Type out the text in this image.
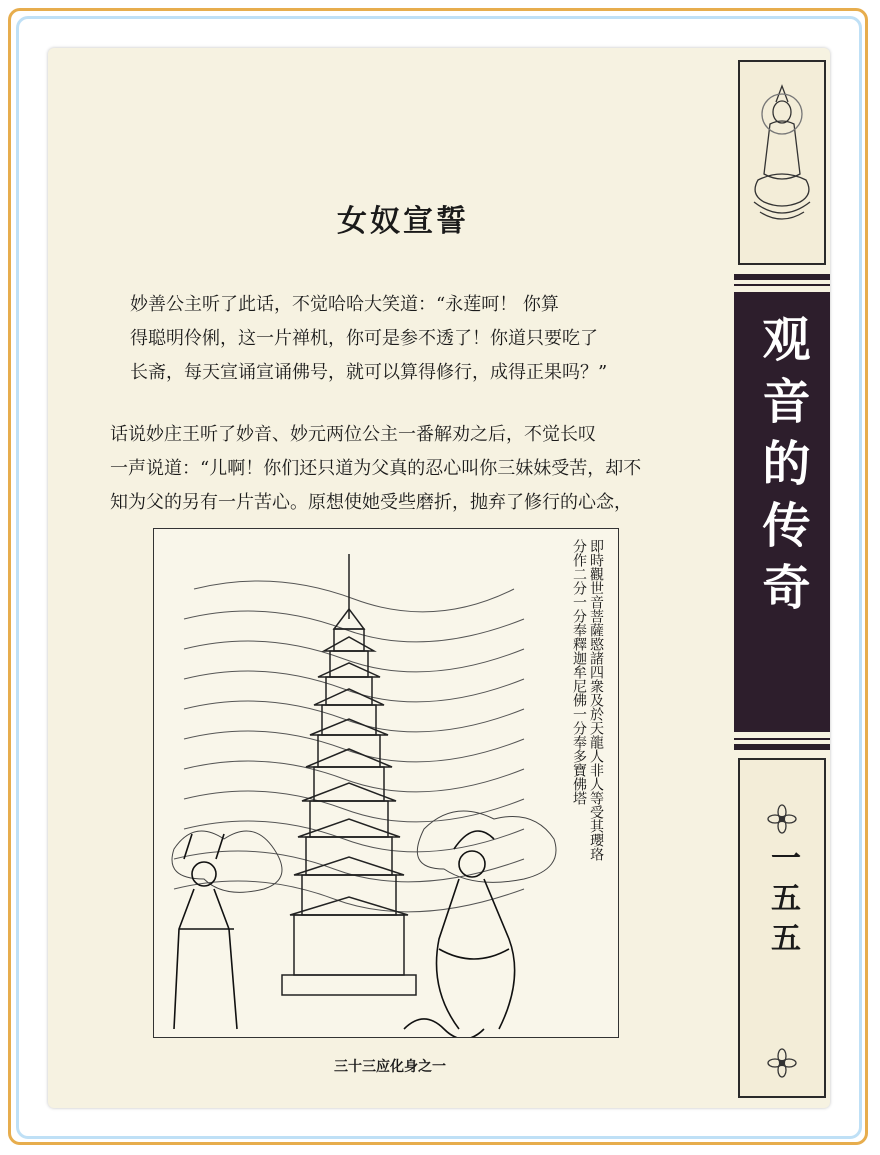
女奴宣誓

妙善公主听了此话，不觉哈哈大笑道：“永莲呵！ 你算
得聪明伶俐，这一片禅机，你可是参不透了！你道只要吃了
长斋，每天宣诵宣诵佛号，就可以算得修行，成得正果吗？”

话说妙庄王听了妙音、妙元两位公主一番解劝之后，不觉长叹
一声说道：“儿啊！你们还只道为父真的忍心叫你三妹妹受苦，却不
知为父的另有一片苦心。原想使她受些磨折，抛弃了修行的心念，

即時觀世音菩薩愍諸四衆及於天龍人非人等受其瓔珞分作二分一分奉釋迦牟尼佛一分奉多寶佛塔
三十三应化身之一
观音的传奇
一五五
